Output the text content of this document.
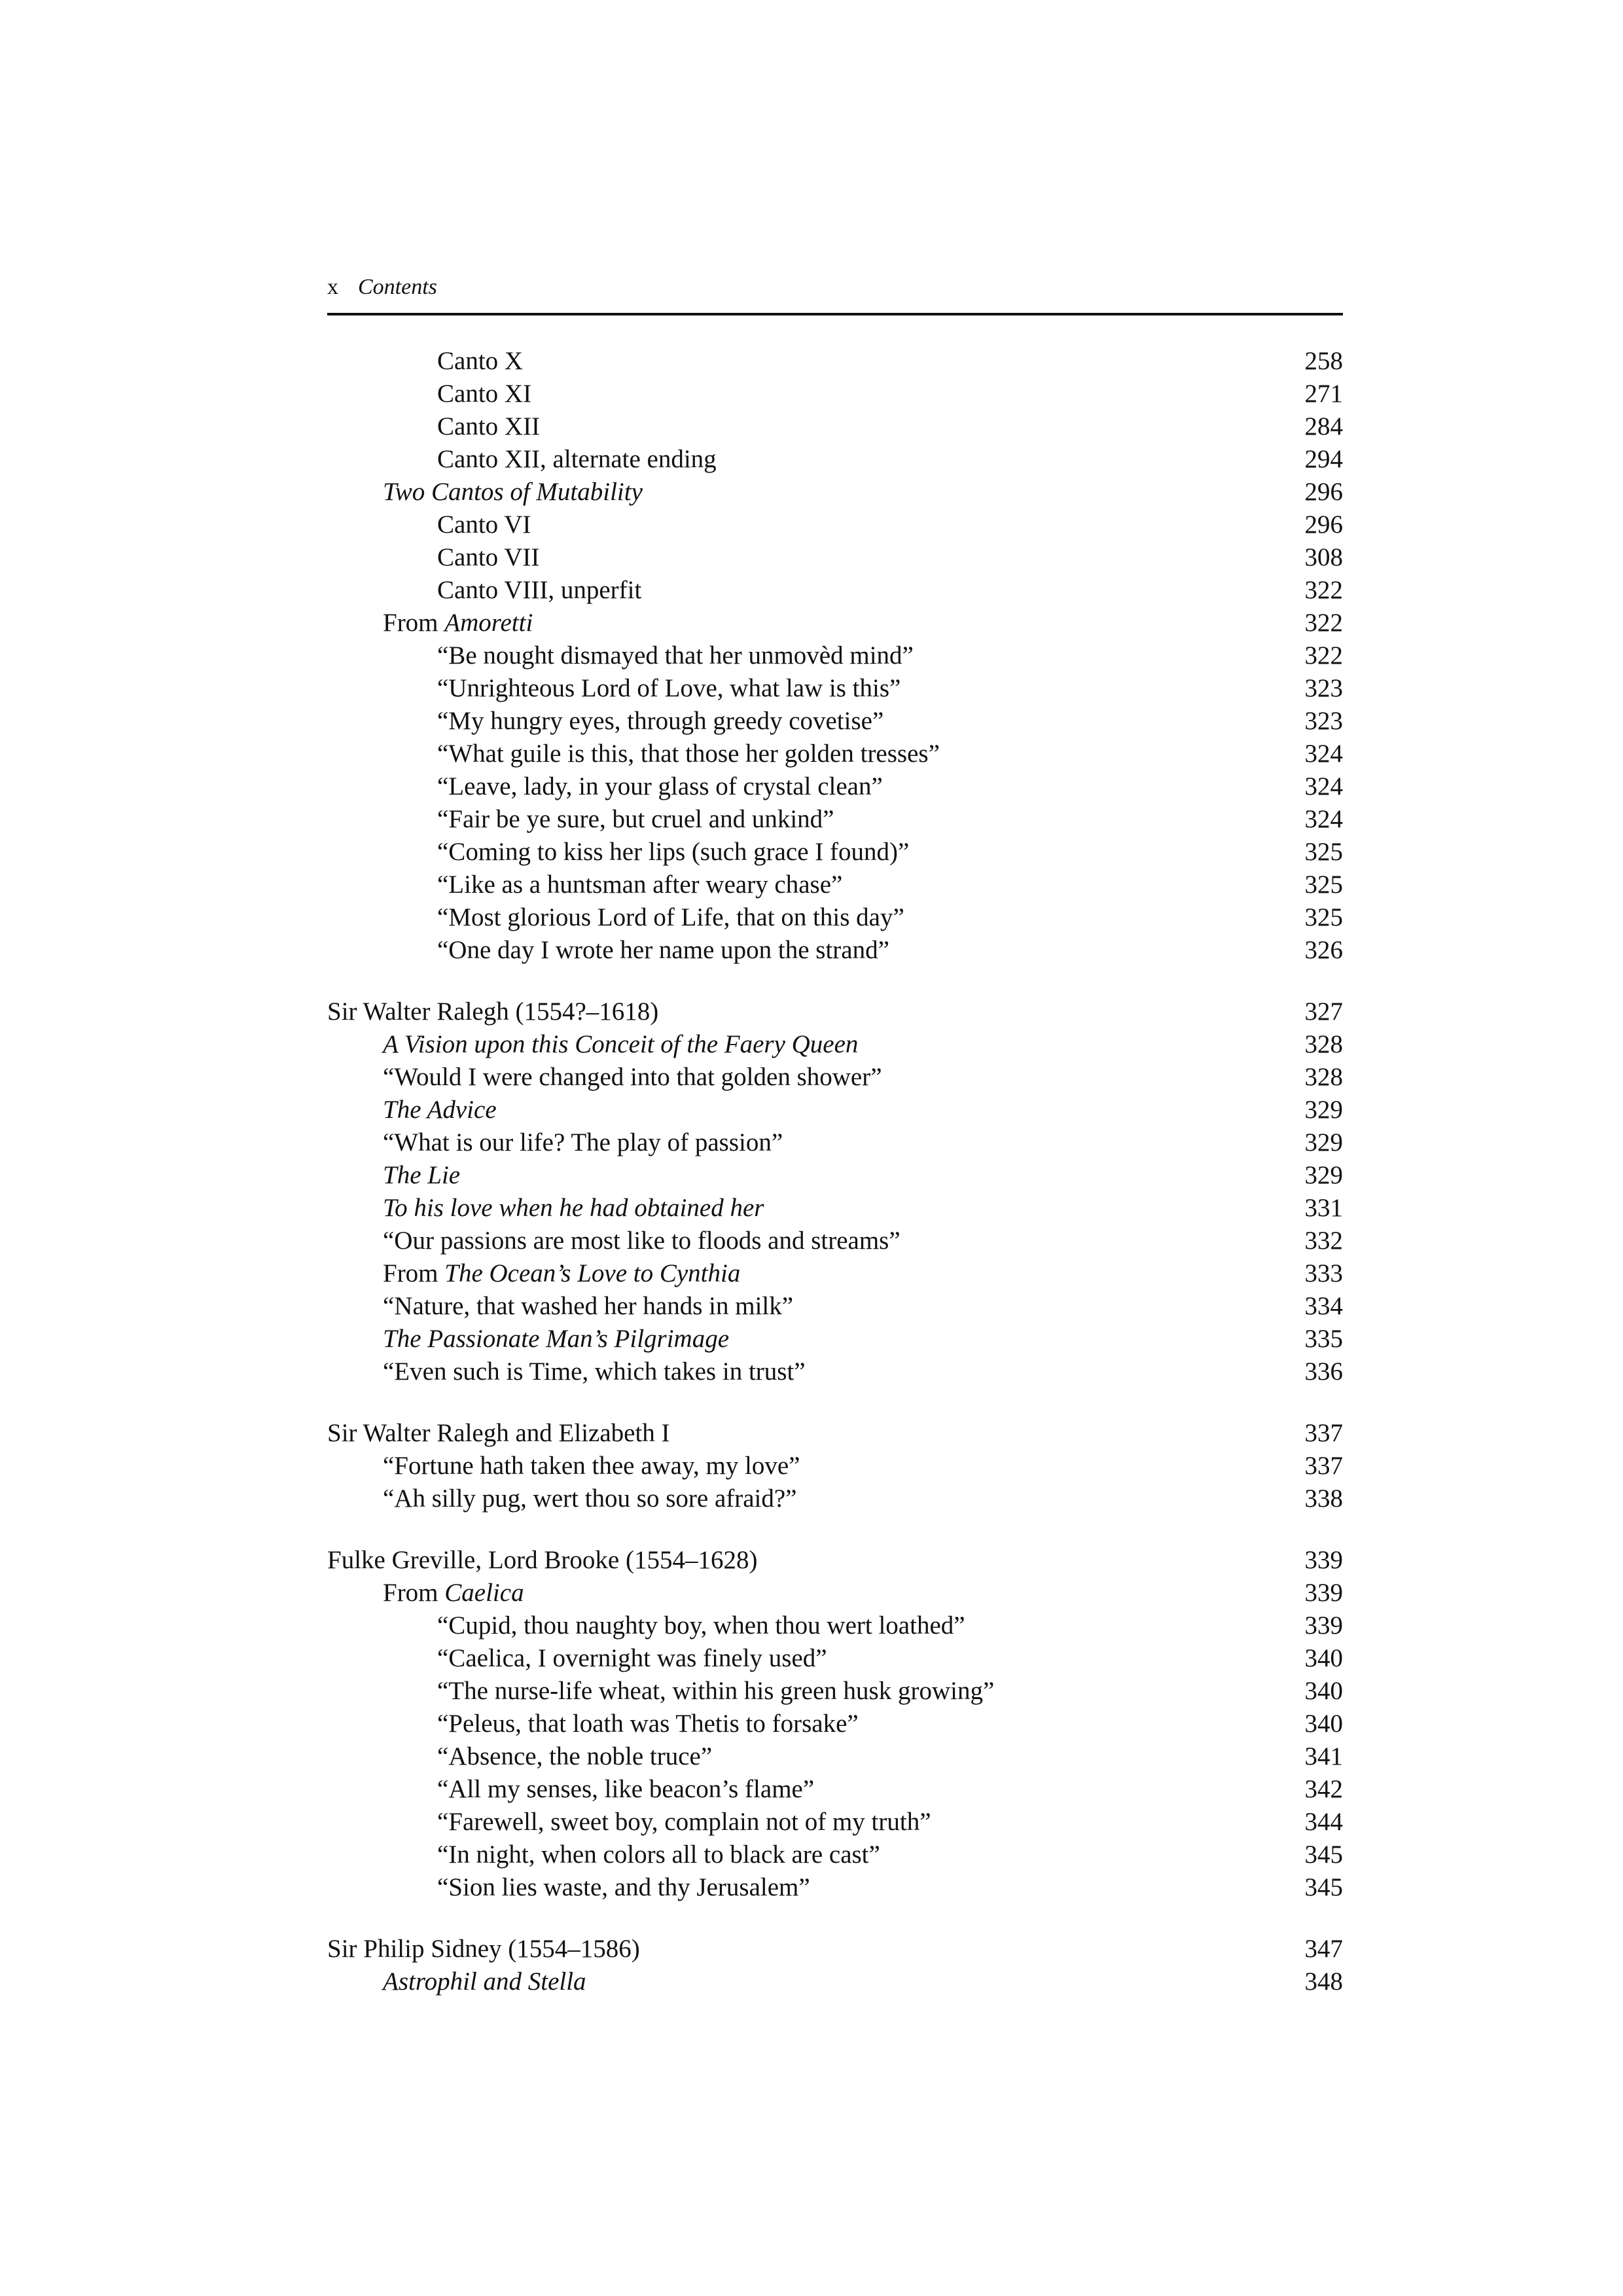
x Contents
Canto X	258
Canto XI	271
Canto XII	284
Canto XII, alternate ending	294
Two Cantos of Mutability	296
Canto VI	296
Canto VII	308
Canto VIII, unperfit	322
From Amoretti	322
“Be nought dismayed that her unmovèd mind”	322
“Unrighteous Lord of Love, what law is this”	323
“My hungry eyes, through greedy covetise”	323
“What guile is this, that those her golden tresses”	324
“Leave, lady, in your glass of crystal clean”	324
“Fair be ye sure, but cruel and unkind”	324
“Coming to kiss her lips (such grace I found)”	325
“Like as a huntsman after weary chase”	325
“Most glorious Lord of Life, that on this day”	325
“One day I wrote her name upon the strand”	326
Sir Walter Ralegh (1554?–1618)	327
A Vision upon this Conceit of the Faery Queen	328
“Would I were changed into that golden shower”	328
The Advice	329
“What is our life? The play of passion”	329
The Lie	329
To his love when he had obtained her	331
“Our passions are most like to floods and streams”	332
From The Ocean’s Love to Cynthia	333
“Nature, that washed her hands in milk”	334
The Passionate Man’s Pilgrimage	335
“Even such is Time, which takes in trust”	336
Sir Walter Ralegh and Elizabeth I	337
“Fortune hath taken thee away, my love”	337
“Ah silly pug, wert thou so sore afraid?”	338
Fulke Greville, Lord Brooke (1554–1628)	339
From Caelica	339
“Cupid, thou naughty boy, when thou wert loathed”	339
“Caelica, I overnight was finely used”	340
“The nurse-life wheat, within his green husk growing”	340
“Peleus, that loath was Thetis to forsake”	340
“Absence, the noble truce”	341
“All my senses, like beacon’s flame”	342
“Farewell, sweet boy, complain not of my truth”	344
“In night, when colors all to black are cast”	345
“Sion lies waste, and thy Jerusalem”	345
Sir Philip Sidney (1554–1586)	347
Astrophil and Stella	348
